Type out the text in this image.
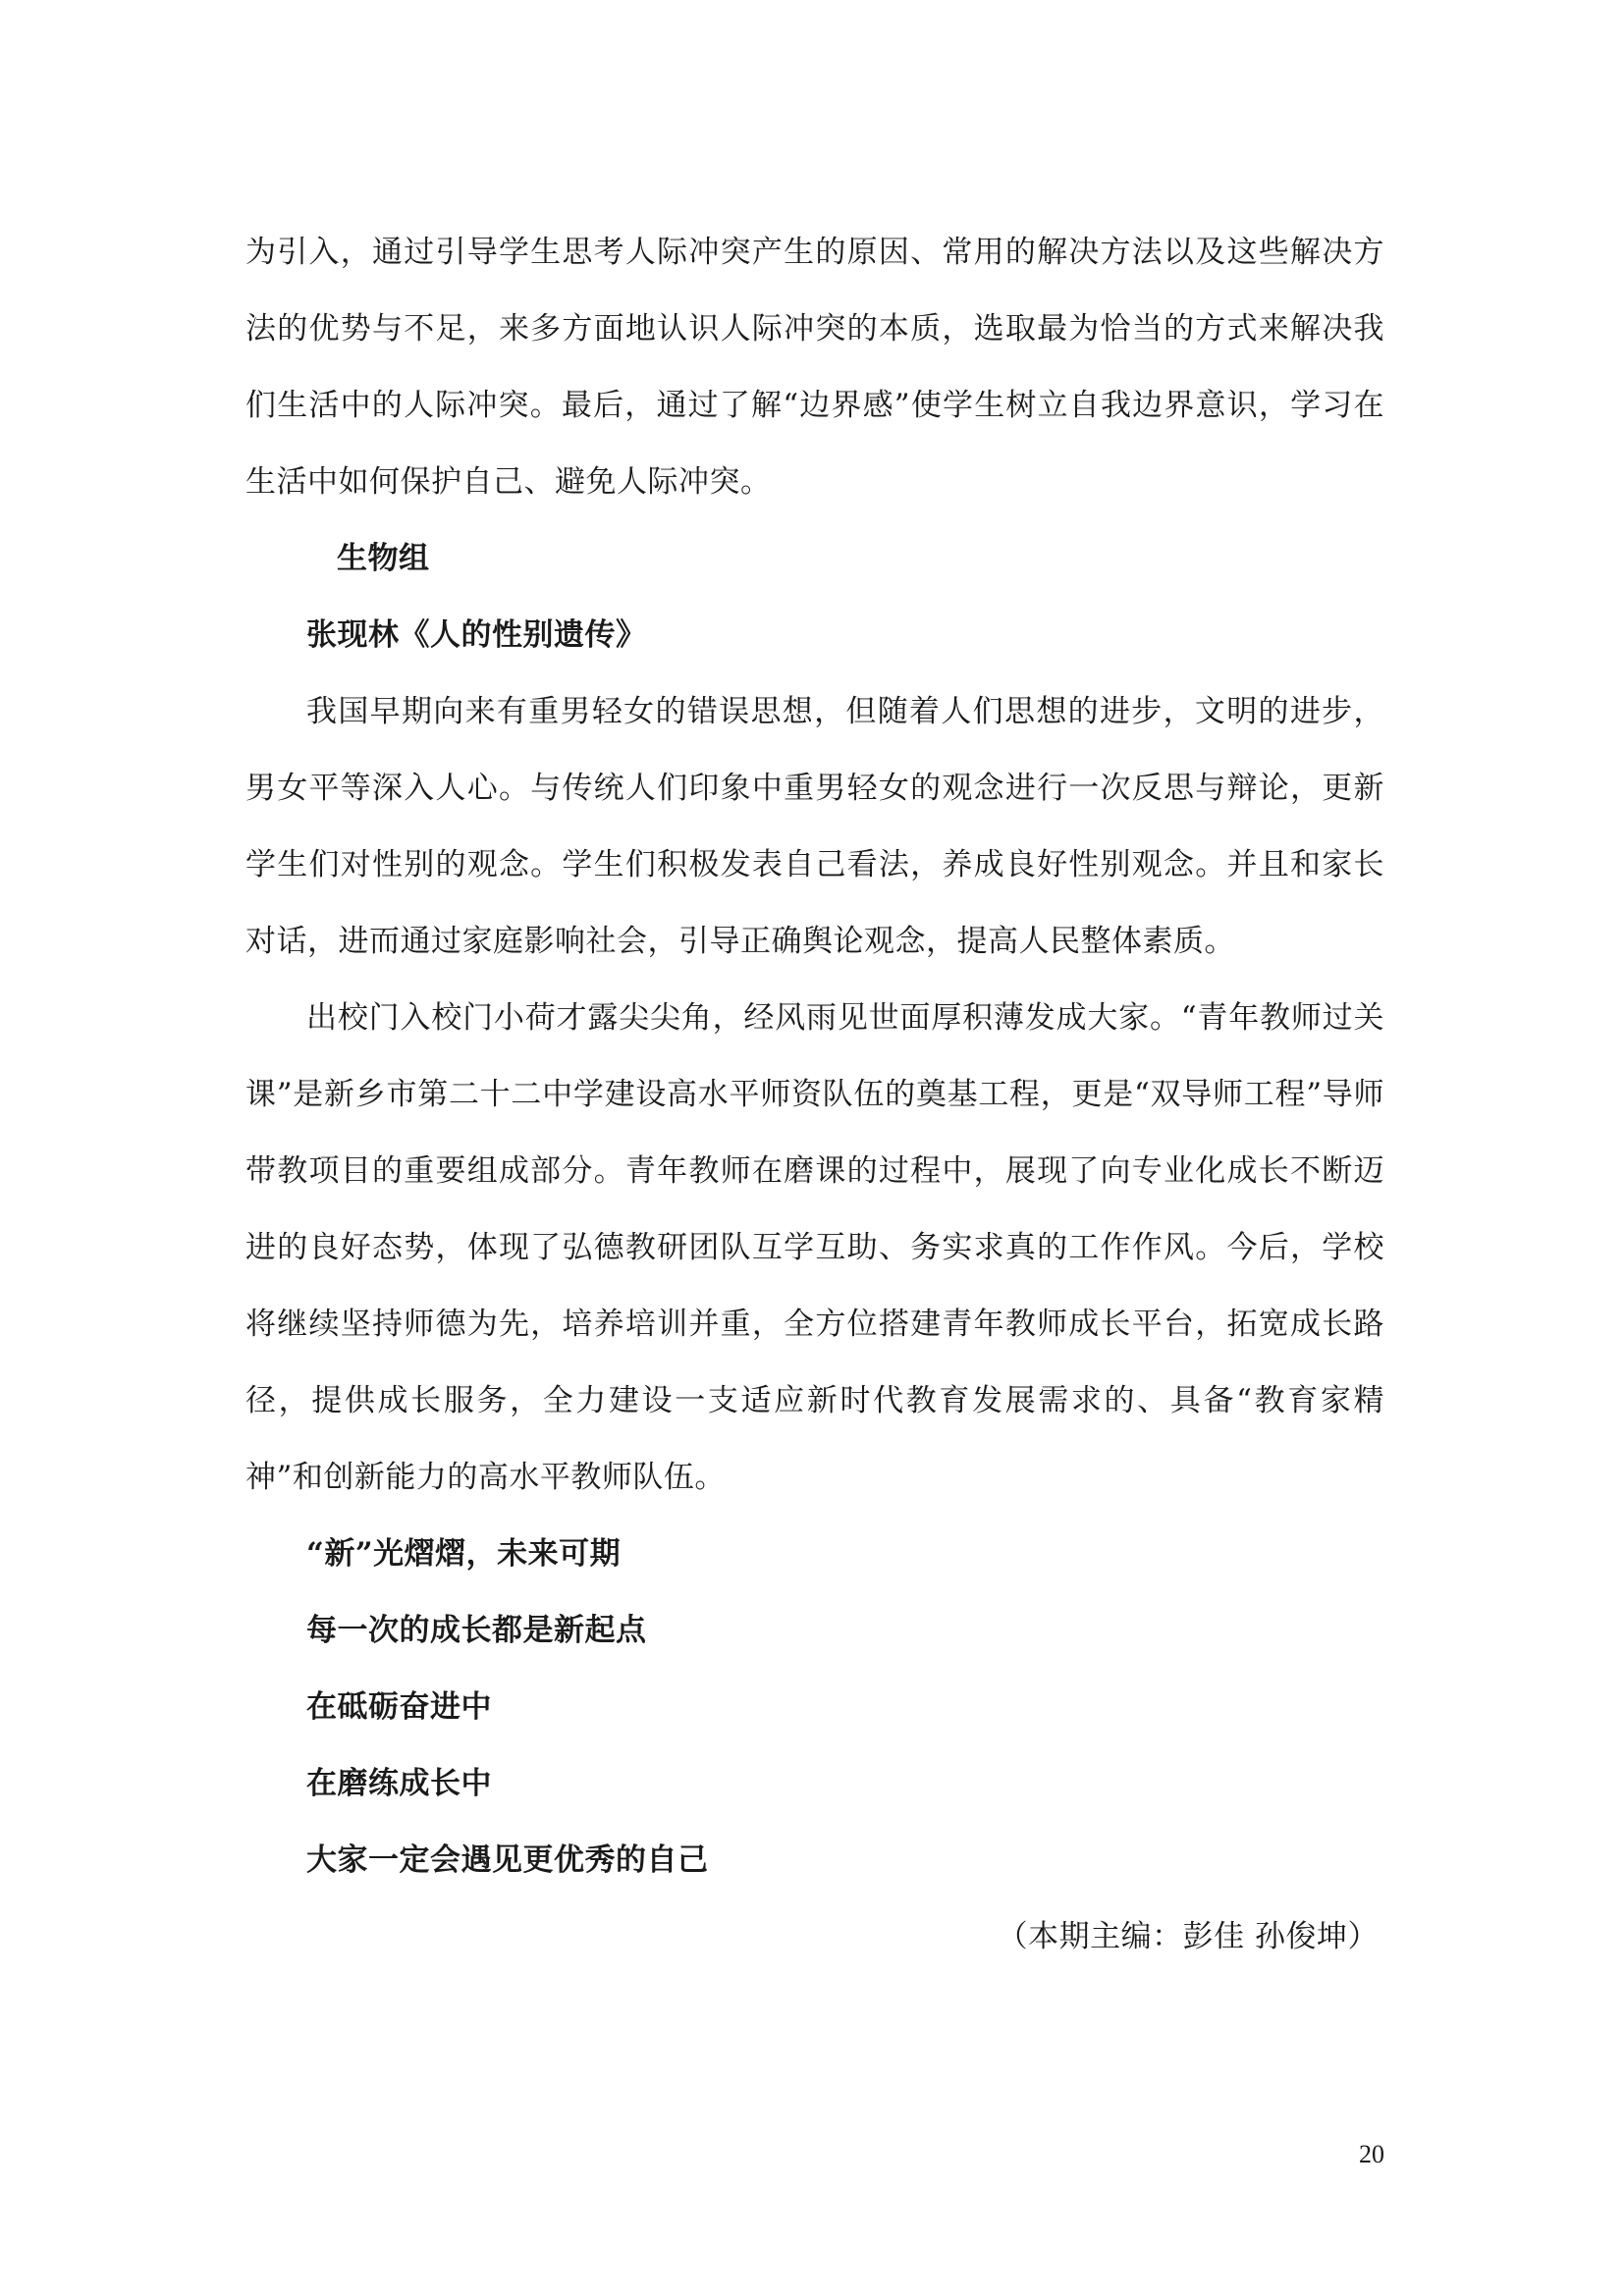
为引入，通过引导学生思考人际冲突产生的原因、常用的解决方法以及这些解决方法的优势与不足，来多方面地认识人际冲突的本质，选取最为恰当的方式来解决我们生活中的人际冲突。最后，通过了解“边界感”使学生树立自我边界意识，学习在生活中如何保护自己、避免人际冲突。

生物组

张现林《人的性别遗传》

我国早期向来有重男轻女的错误思想，但随着人们思想的进步，文明的进步，男女平等深入人心。与传统人们印象中重男轻女的观念进行一次反思与辩论，更新学生们对性别的观念。学生们积极发表自己看法，养成良好性别观念。并且和家长对话，进而通过家庭影响社会，引导正确舆论观念，提高人民整体素质。

出校门入校门小荷才露尖尖角，经风雨见世面厚积薄发成大家。“青年教师过关课”是新乡市第二十二中学建设高水平师资队伍的奠基工程，更是“双导师工程”导师带教项目的重要组成部分。青年教师在磨课的过程中，展现了向专业化成长不断迈进的良好态势，体现了弘德教研团队互学互助、务实求真的工作作风。今后，学校将继续坚持师德为先，培养培训并重，全方位搭建青年教师成长平台，拓宽成长路径，提供成长服务，全力建设一支适应新时代教育发展需求的、具备“教育家精神”和创新能力的高水平教师队伍。

“新”光熠熠，未来可期

每一次的成长都是新起点

在砥砺奋进中

在磨练成长中

大家一定会遇见更优秀的自己

（本期主编：彭佳 孙俊坤）

20
